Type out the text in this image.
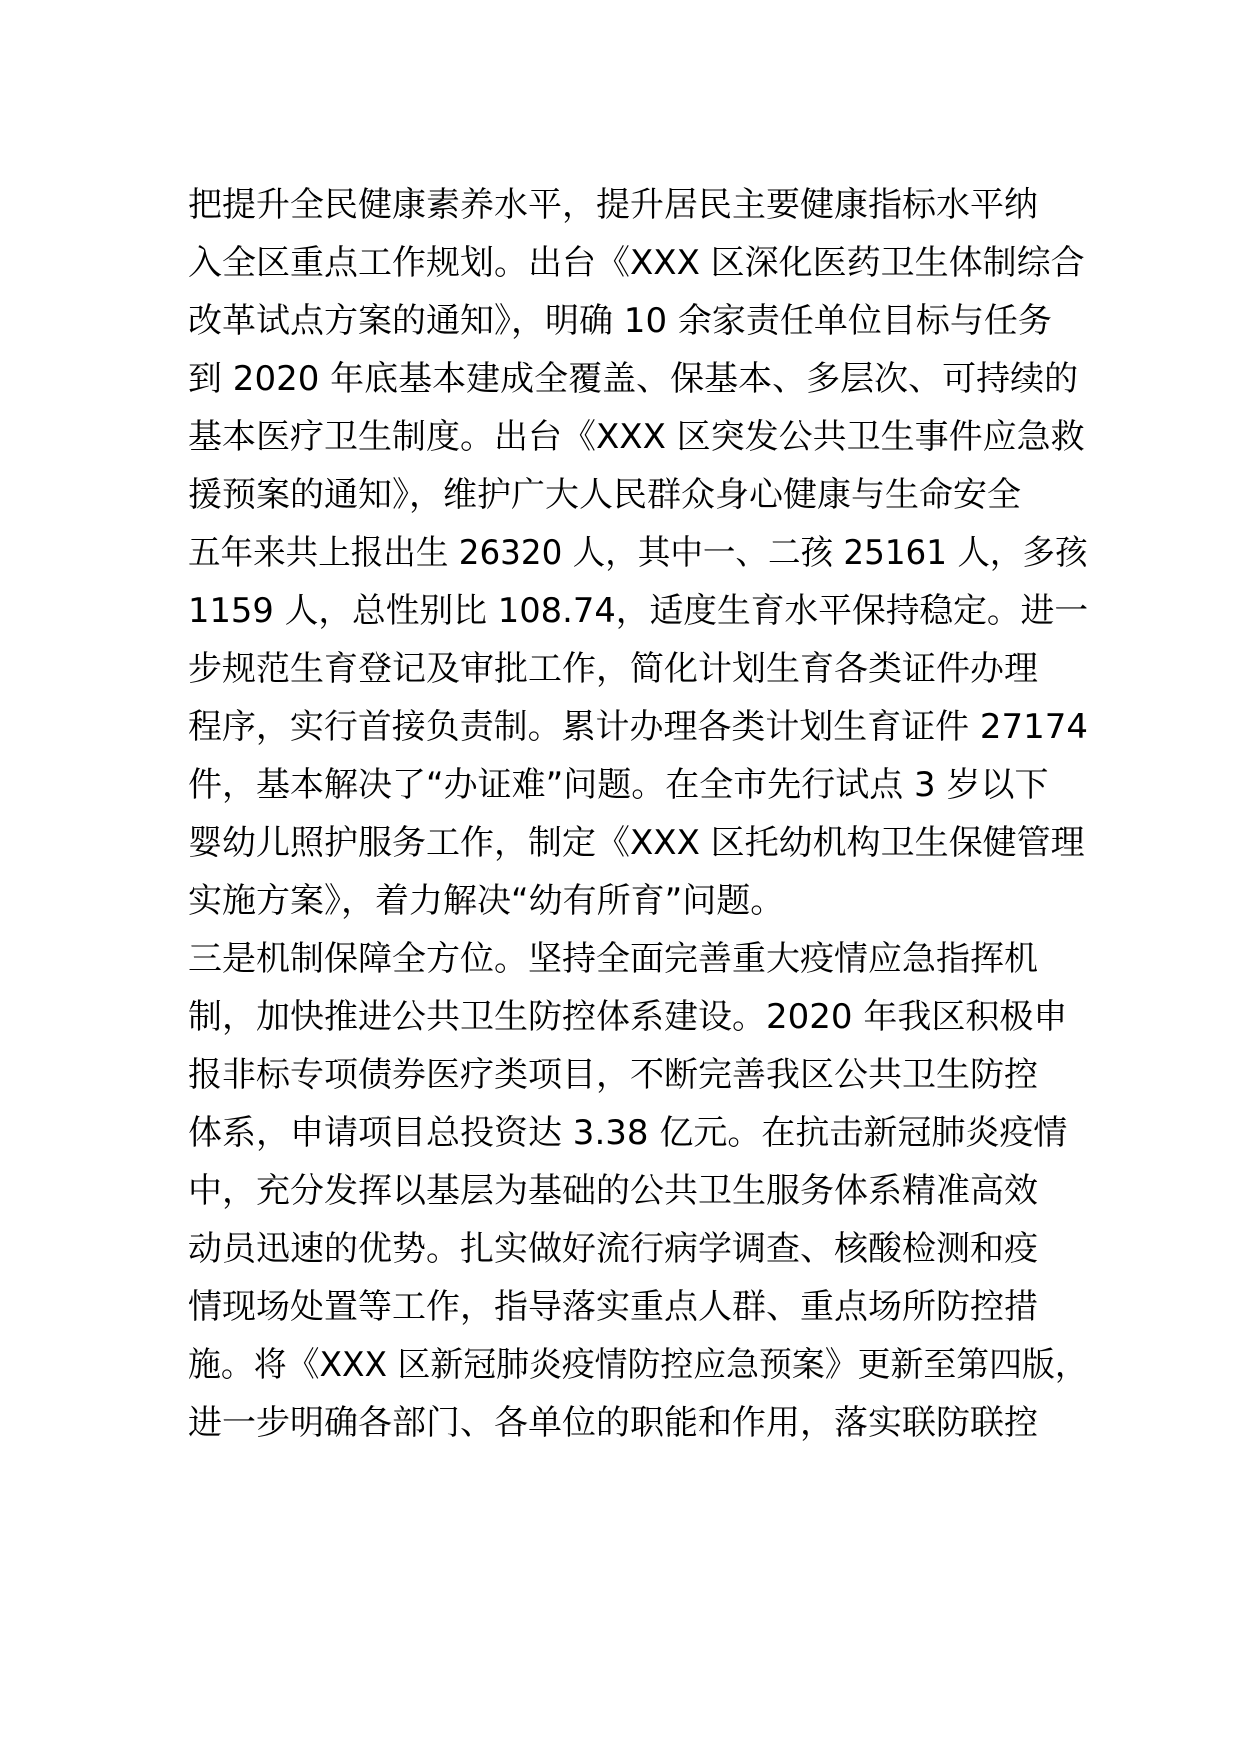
把提升全民健康素养水平，提升居民主要健康指标水平纳
入全区重点工作规划。出台《XXX 区深化医药卫生体制综合
改革试点方案的通知》，明确 10 余家责任单位目标与任务
到 2020 年底基本建成全覆盖、保基本、多层次、可持续的
基本医疗卫生制度。出台《XXX 区突发公共卫生事件应急救
援预案的通知》，维护广大人民群众身心健康与生命安全
五年来共上报出生 26320 人，其中一、二孩 25161 人，多孩
1159 人，总性别比 108.74，适度生育水平保持稳定。进一
步规范生育登记及审批工作，简化计划生育各类证件办理
程序，实行首接负责制。累计办理各类计划生育证件 27174
件，基本解决了“办证难”问题。在全市先行试点 3 岁以下
婴幼儿照护服务工作，制定《XXX 区托幼机构卫生保健管理
实施方案》，着力解决“幼有所育”问题。
三是机制保障全方位。坚持全面完善重大疫情应急指挥机
制，加快推进公共卫生防控体系建设。2020 年我区积极申
报非标专项债券医疗类项目，不断完善我区公共卫生防控
体系，申请项目总投资达 3.38 亿元。在抗击新冠肺炎疫情
中，充分发挥以基层为基础的公共卫生服务体系精准高效
动员迅速的优势。扎实做好流行病学调查、核酸检测和疫
情现场处置等工作，指导落实重点人群、重点场所防控措
施。将《XXX 区新冠肺炎疫情防控应急预案》更新至第四版，
进一步明确各部门、各单位的职能和作用，落实联防联控
